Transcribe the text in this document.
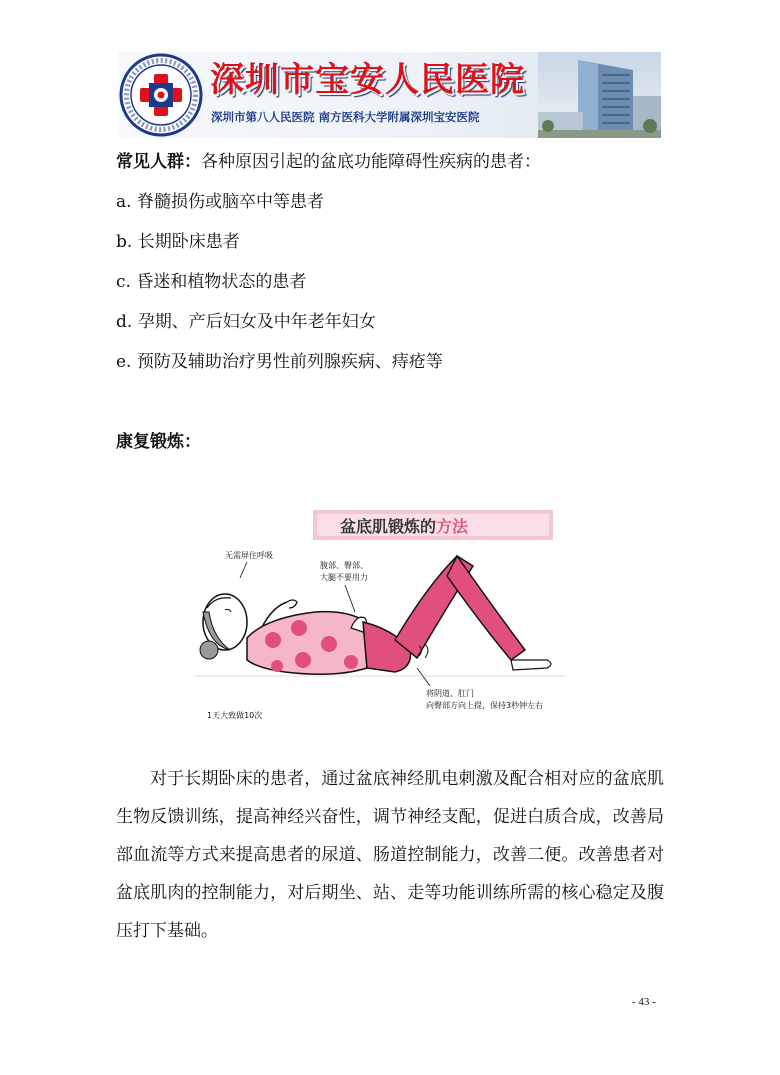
深圳市宝安人民医院
深圳市第八人民医院 南方医科大学附属深圳宝安医院
常见人群：各种原因引起的盆底功能障碍性疾病的患者：
a. 脊髓损伤或脑卒中等患者
b. 长期卧床患者
c. 昏迷和植物状态的患者
d. 孕期、产后妇女及中年老年妇女
e. 预防及辅助治疗男性前列腺疾病、痔疮等
康复锻炼：
盆底肌锻炼的方法
无需屏住呼吸
腹部、臀部、
大腿不要用力
将阴道、肛门
向臀部方向上提，保持3秒钟左右
1天大致做10次
对于长期卧床的患者，通过盆底神经肌电刺激及配合相对应的盆底肌生物反馈训练，提高神经兴奋性，调节神经支配，促进白质合成，改善局部血流等方式来提高患者的尿道、肠道控制能力，改善二便。改善患者对盆底肌肉的控制能力，对后期坐、站、走等功能训练所需的核心稳定及腹压打下基础。
- 43 -
